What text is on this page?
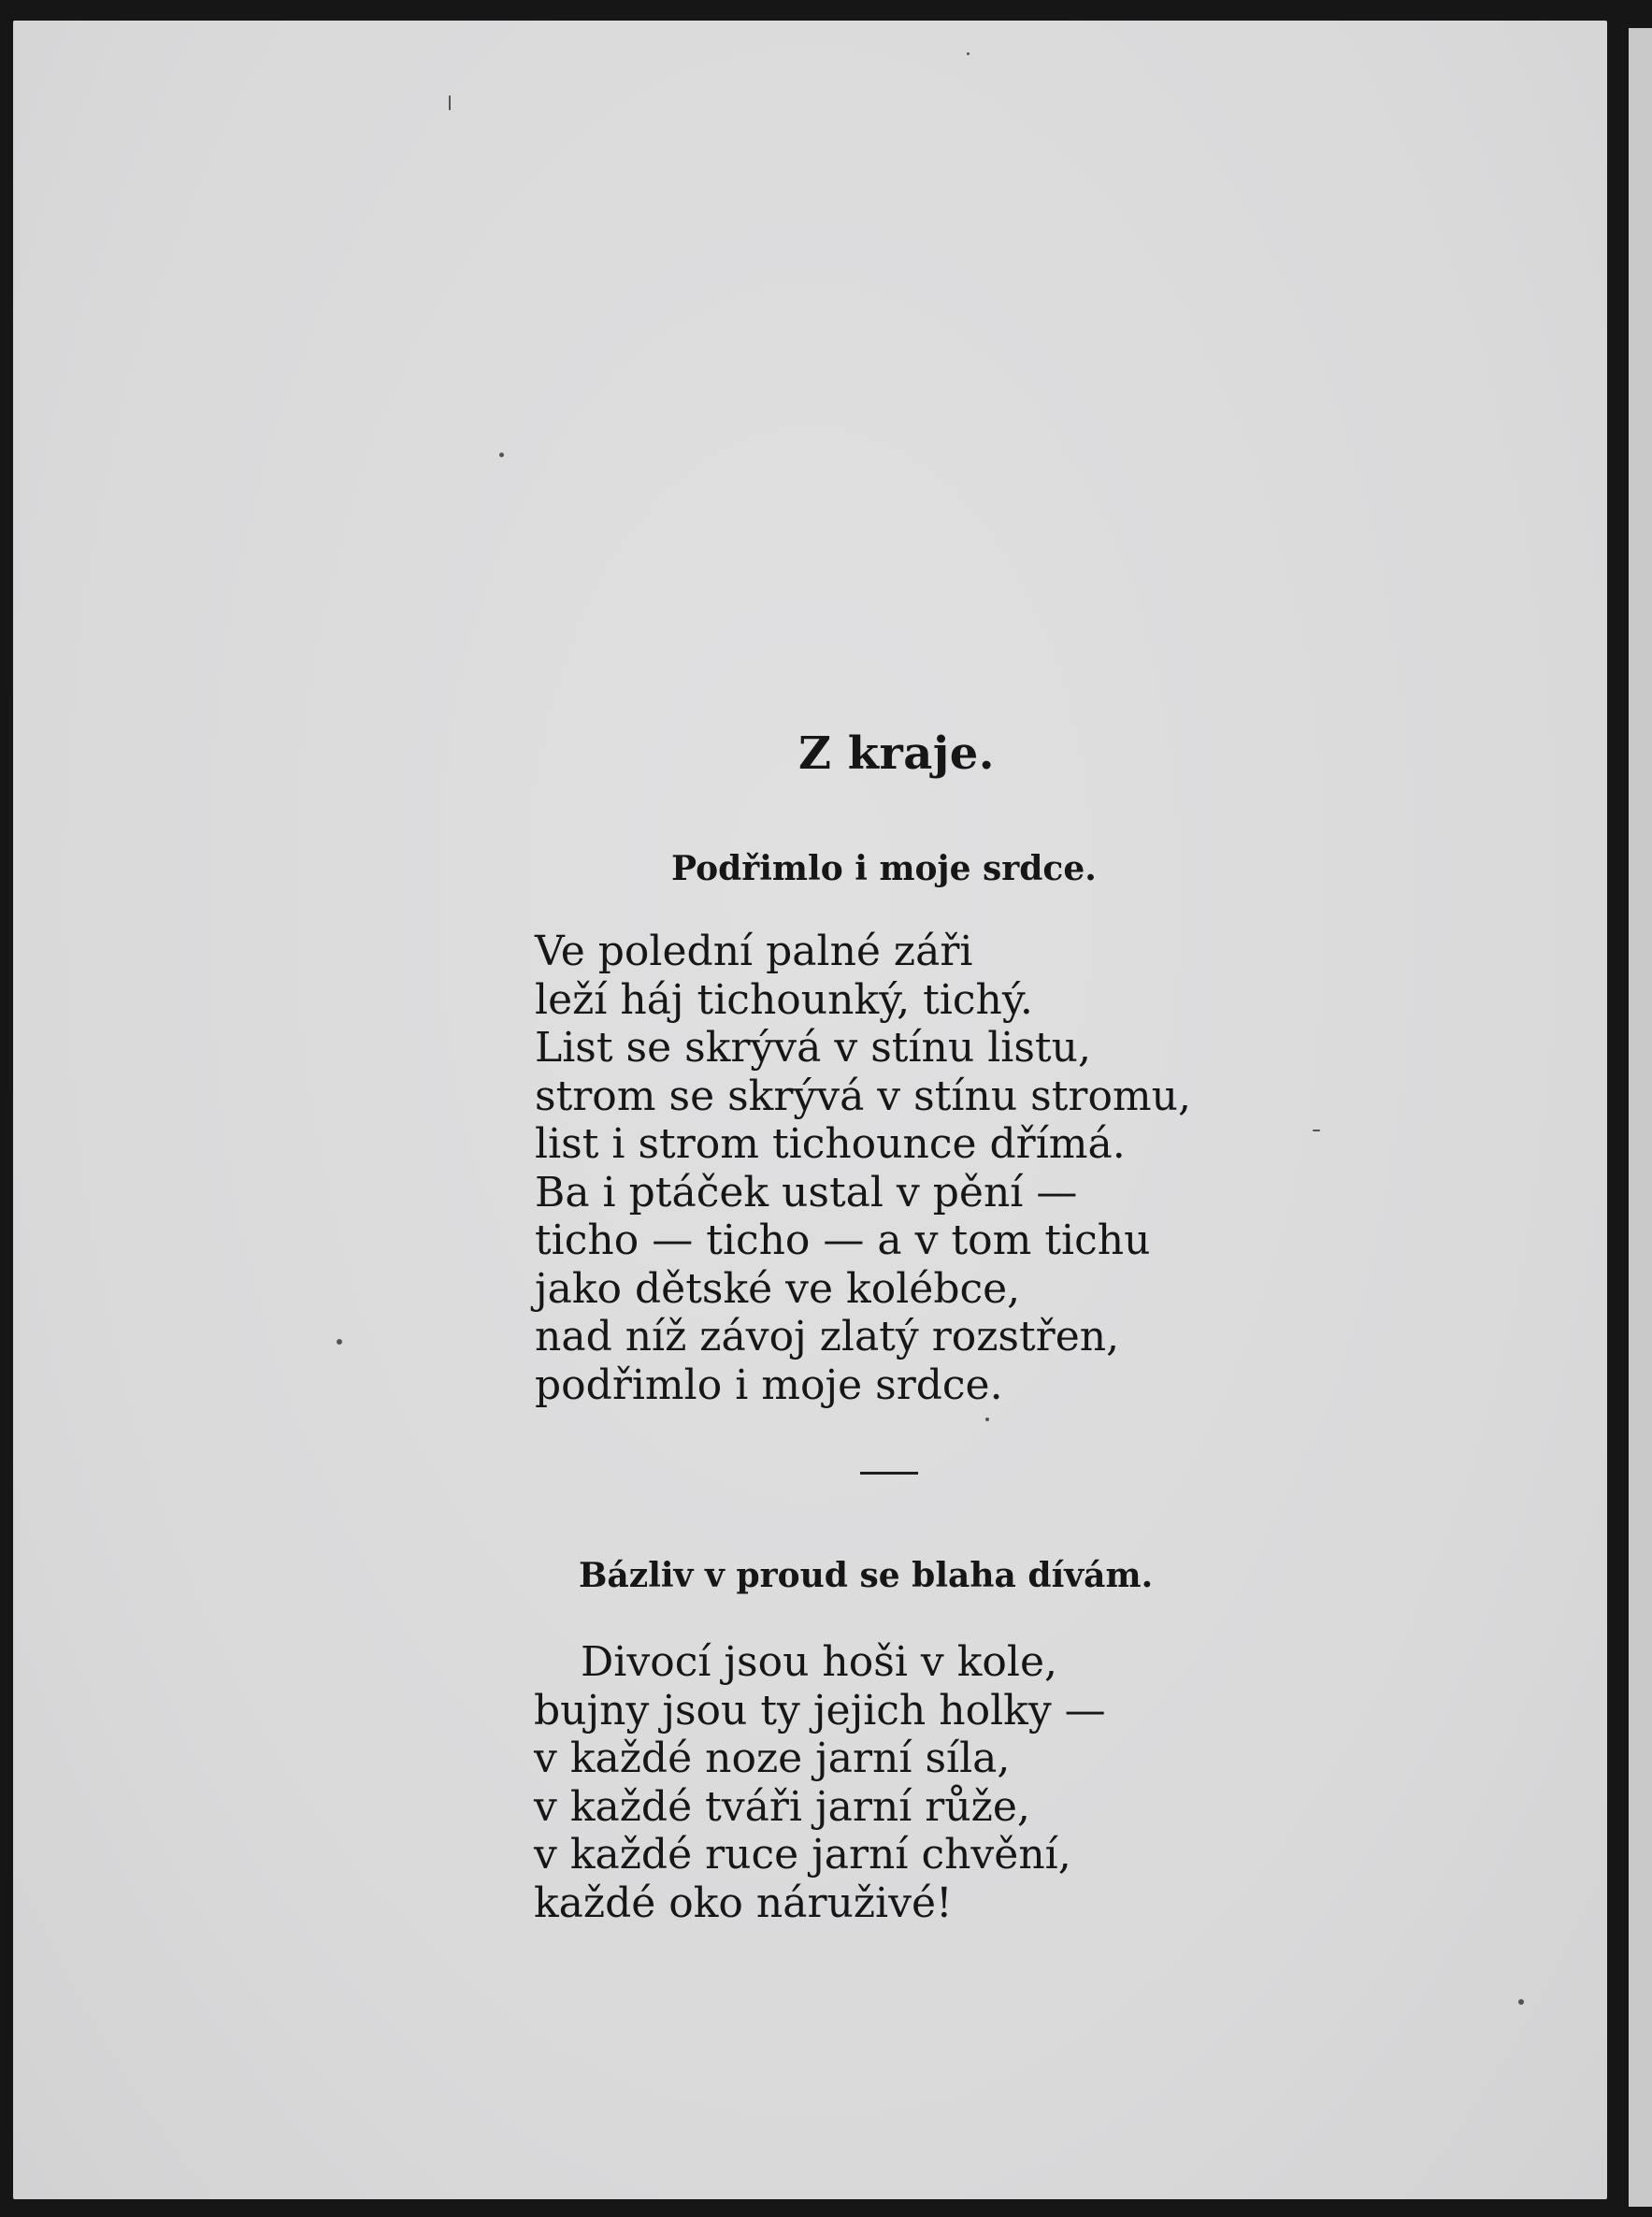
Z kraje.
Podřimlo i moje srdce.
Ve polední palné záři
leží háj tichounký, tichý.
List se skrývá v stínu listu,
strom se skrývá v stínu stromu,
list i strom tichounce dřímá.
Ba i ptáček ustal v pění —
ticho — ticho — a v tom tichu
jako dětské ve kolébce,
nad níž závoj zlatý rozstřen,
podřimlo i moje srdce.
Bázliv v proud se blaha dívám.
Divocí jsou hoši v kole,
bujny jsou ty jejich holky —
v každé noze jarní síla,
v každé tváři jarní růže,
v každé ruce jarní chvění,
každé oko náruživé!
